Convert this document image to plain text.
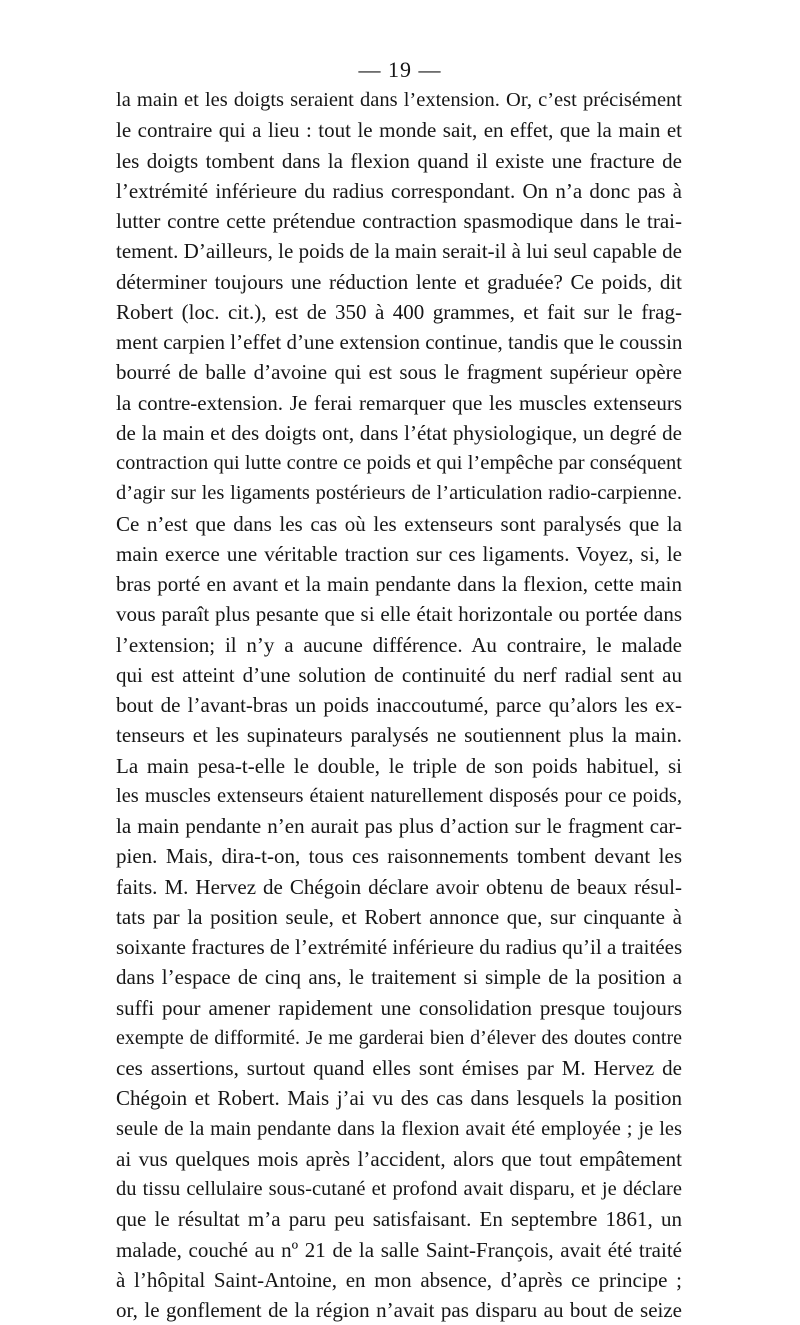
— 19 —
la main et les doigts seraient dans l’extension. Or, c’est précisément
le contraire qui a lieu : tout le monde sait, en effet, que la main et
les doigts tombent dans la flexion quand il existe une fracture de
l’extrémité inférieure du radius correspondant. On n’a donc pas à
lutter contre cette prétendue contraction spasmodique dans le trai-
tement. D’ailleurs, le poids de la main serait-il à lui seul capable de
déterminer toujours une réduction lente et graduée? Ce poids, dit
Robert (loc. cit.), est de 350 à 400 grammes, et fait sur le frag-
ment carpien l’effet d’une extension continue, tandis que le coussin
bourré de balle d’avoine qui est sous le fragment supérieur opère
la contre-extension. Je ferai remarquer que les muscles extenseurs
de la main et des doigts ont, dans l’état physiologique, un degré de
contraction qui lutte contre ce poids et qui l’empêche par conséquent
d’agir sur les ligaments postérieurs de l’articulation radio-carpienne.
Ce n’est que dans les cas où les extenseurs sont paralysés que la
main exerce une véritable traction sur ces ligaments. Voyez, si, le
bras porté en avant et la main pendante dans la flexion, cette main
vous paraît plus pesante que si elle était horizontale ou portée dans
l’extension; il n’y a aucune différence. Au contraire, le malade
qui est atteint d’une solution de continuité du nerf radial sent au
bout de l’avant-bras un poids inaccoutumé, parce qu’alors les ex-
tenseurs et les supinateurs paralysés ne soutiennent plus la main.
La main pesa-t-elle le double, le triple de son poids habituel, si
les muscles extenseurs étaient naturellement disposés pour ce poids,
la main pendante n’en aurait pas plus d’action sur le fragment car-
pien. Mais, dira-t-on, tous ces raisonnements tombent devant les
faits. M. Hervez de Chégoin déclare avoir obtenu de beaux résul-
tats par la position seule, et Robert annonce que, sur cinquante à
soixante fractures de l’extrémité inférieure du radius qu’il a traitées
dans l’espace de cinq ans, le traitement si simple de la position a
suffi pour amener rapidement une consolidation presque toujours
exempte de difformité. Je me garderai bien d’élever des doutes contre
ces assertions, surtout quand elles sont émises par M. Hervez de
Chégoin et Robert. Mais j’ai vu des cas dans lesquels la position
seule de la main pendante dans la flexion avait été employée ; je les
ai vus quelques mois après l’accident, alors que tout empâtement
du tissu cellulaire sous-cutané et profond avait disparu, et je déclare
que le résultat m’a paru peu satisfaisant. En septembre 1861, un
malade, couché au nº 21 de la salle Saint-François, avait été traité
à l’hôpital Saint-Antoine, en mon absence, d’après ce principe ;
or, le gonflement de la région n’avait pas disparu au bout de seize
